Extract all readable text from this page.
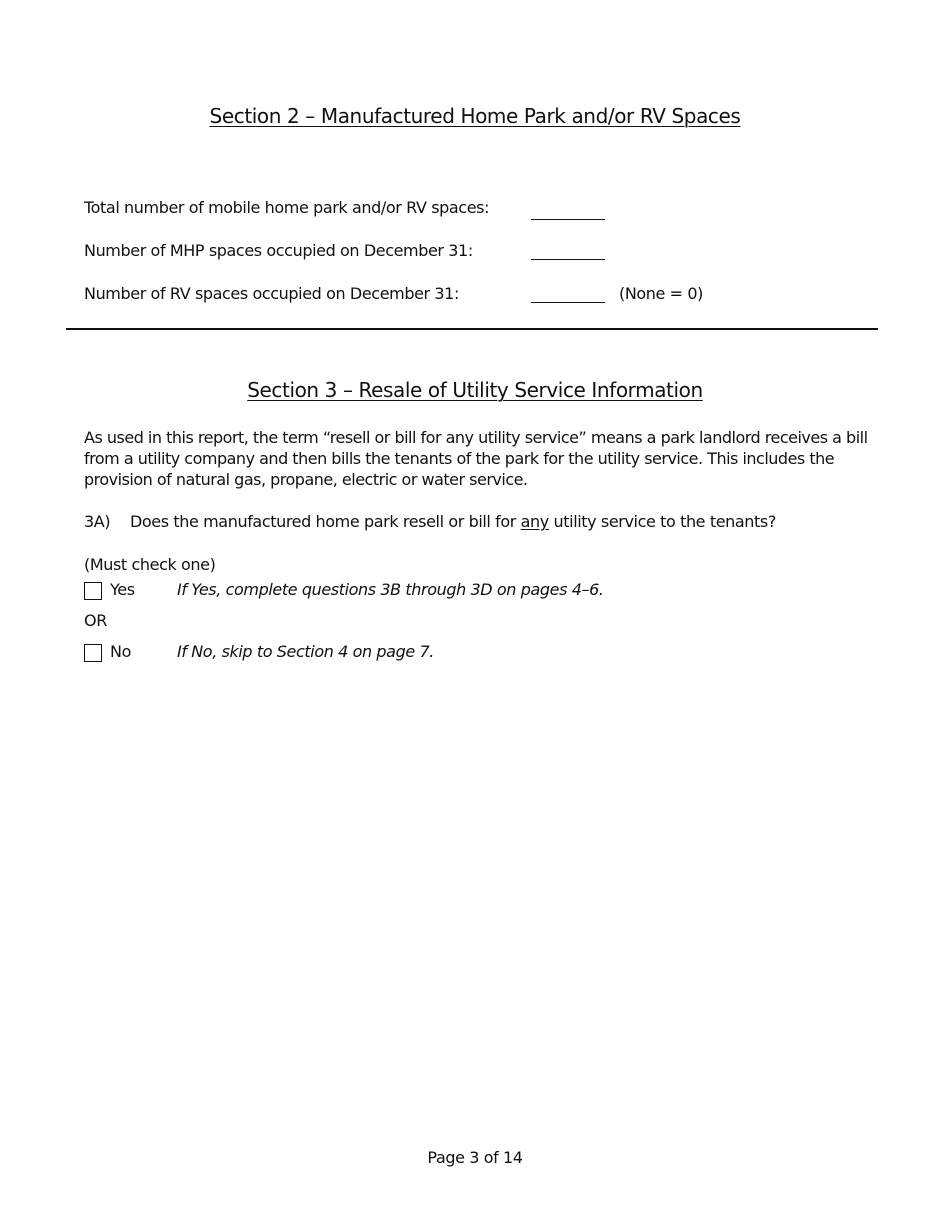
Section 2 – Manufactured Home Park and/or RV Spaces
Total number of mobile home park and/or RV spaces:
Number of MHP spaces occupied on December 31:
Number of RV spaces occupied on December 31:	(None = 0)
Section 3 – Resale of Utility Service Information
As used in this report, the term “resell or bill for any utility service” means a park landlord receives a bill from a utility company and then bills the tenants of the park for the utility service. This includes the provision of natural gas, propane, electric or water service.
3A) Does the manufactured home park resell or bill for any utility service to the tenants?
(Must check one)
Yes	If Yes, complete questions 3B through 3D on pages 4–6.
OR
No	If No, skip to Section 4 on page 7.
Page 3 of 14
